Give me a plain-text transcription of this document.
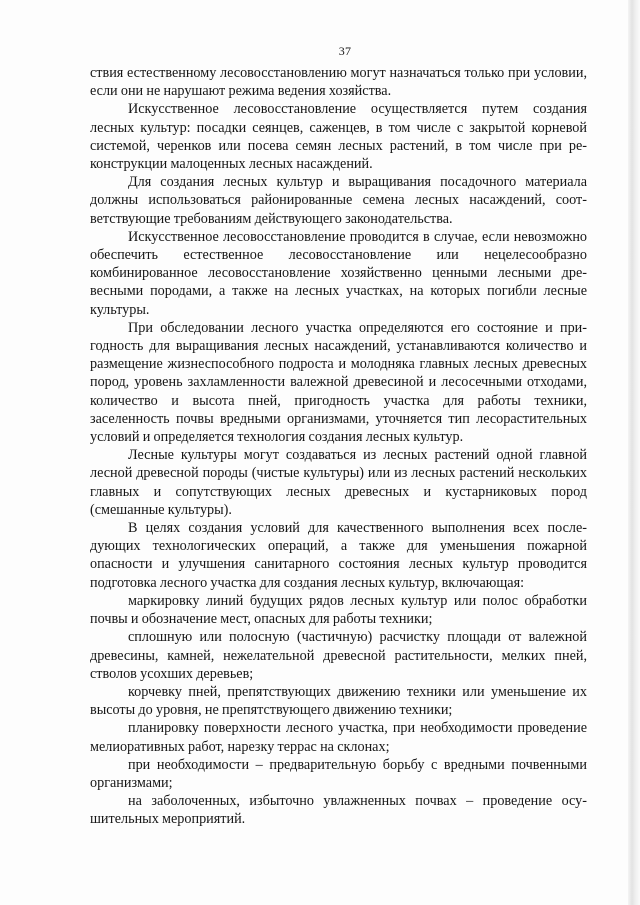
37

ствия естественному лесовосстановлению могут назначаться только при условии, если они не нарушают режима ведения хозяйства.

Искусственное лесовосстановление осуществляется путем создания лесных культур: посадки сеянцев, саженцев, в том числе с закрытой корневой системой, черенков или посева семян лесных растений, в том числе при реконструкции малоценных лесных насаждений.

Для создания лесных культур и выращивания посадочного материала должны использоваться районированные семена лесных насаждений, соответствующие требованиям действующего законодательства.

Искусственное лесовосстановление проводится в случае, если невозможно обеспечить естественное лесовосстановление или нецелесообразно комбинированное лесовосстановление хозяйственно ценными лесными древесными породами, а также на лесных участках, на которых погибли лесные культуры.

При обследовании лесного участка определяются его состояние и пригодность для выращивания лесных насаждений, устанавливаются количество и размещение жизнеспособного подроста и молодняка главных лесных древесных пород, уровень захламленности валежной древесиной и лесосечными отходами, количество и высота пней, пригодность участка для работы техники, заселенность почвы вредными организмами, уточняется тип лесорастительных условий и определяется технология создания лесных культур.

Лесные культуры могут создаваться из лесных растений одной главной лесной древесной породы (чистые культуры) или из лесных растений нескольких главных и сопутствующих лесных древесных и кустарниковых пород (смешанные культуры).

В целях создания условий для качественного выполнения всех последующих технологических операций, а также для уменьшения пожарной опасности и улучшения санитарного состояния лесных культур проводится подготовка лесного участка для создания лесных культур, включающая:

маркировку линий будущих рядов лесных культур или полос обработки почвы и обозначение мест, опасных для работы техники;

сплошную или полосную (частичную) расчистку площади от валежной древесины, камней, нежелательной древесной растительности, мелких пней, стволов усохших деревьев;

корчевку пней, препятствующих движению техники или уменьшение их высоты до уровня, не препятствующего движению техники;

планировку поверхности лесного участка, при необходимости проведение мелиоративных работ, нарезку террас на склонах;

при необходимости – предварительную борьбу с вредными почвенными организмами;

на заболоченных, избыточно увлажненных почвах – проведение осушительных мероприятий.
